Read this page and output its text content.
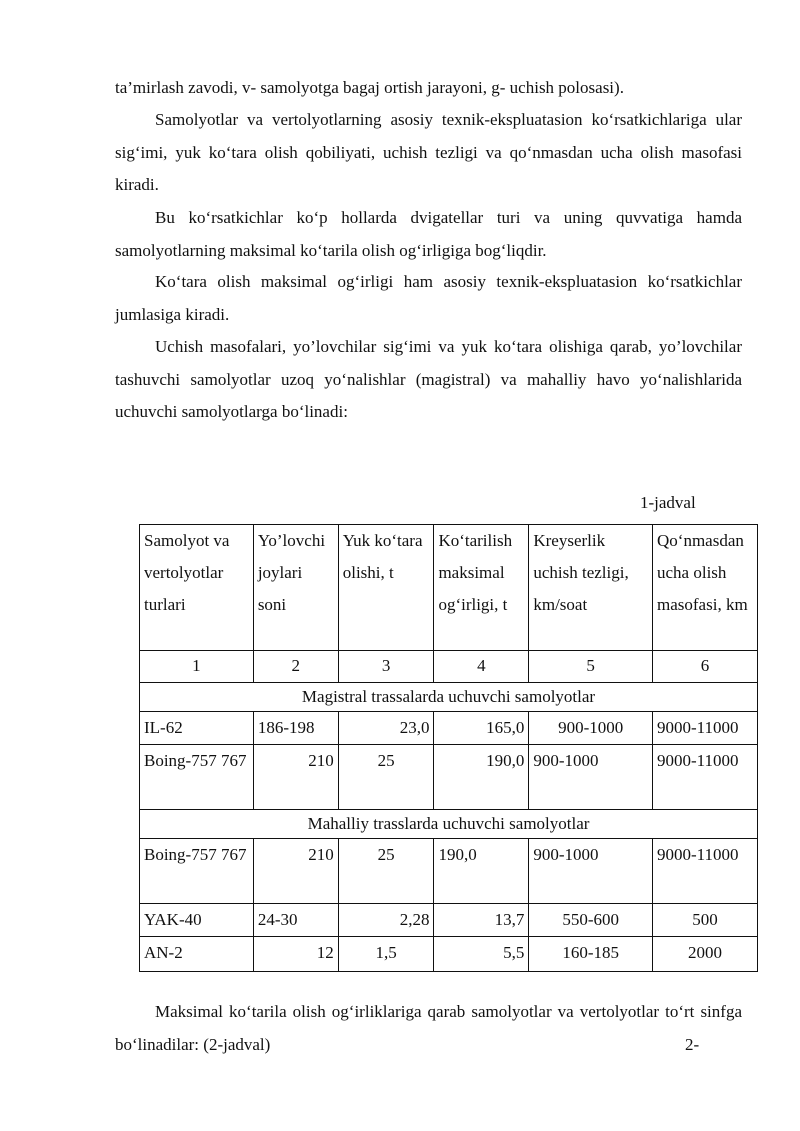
ta’mirlash zavodi, v- samolyotga bagaj ortish jarayoni, g- uchish polosasi).

Samolyotlar va vertolyotlarning asosiy texnik-ekspluatasion ko‘rsatkichlariga ular sig‘imi, yuk ko‘tara olish qobiliyati, uchish tezligi va qo‘nmasdan ucha olish masofasi kiradi.

Bu ko‘rsatkichlar ko‘p hollarda dvigatellar turi va uning quvvatiga hamda samolyotlarning maksimal ko‘tarila olish og‘irligiga bog‘liqdir.

Ko‘tara olish maksimal og‘irligi ham asosiy texnik-ekspluatasion ko‘rsatkichlar jumlasiga kiradi.

Uchish masofalari, yo’lovchilar sig‘imi va yuk ko‘tara olishiga qarab, yo’lovchilar tashuvchi samolyotlar uzoq yo‘nalishlar (magistral) va mahalliy havo yo‘nalishlarida uchuvchi samolyotlarga bo‘linadi:

1-jadval
Samolyot va vertolyotlar turlari	Yo’lovchi joylari soni	Yuk ko‘tara olishi, t	Ko‘tarilish maksimal og‘irligi, t	Kreyserlik uchish tezligi, km/soat	Qo‘nmasdan ucha olish masofasi, km
1	2	3	4	5	6
Magistral trassalarda uchuvchi samolyotlar					
IL-62	186-198	23,0	165,0	900-1000	9000-11000
Boing-757 767	210	25	190,0	900-1000	9000-11000
Mahalliy trasslarda uchuvchi samolyotlar					
Boing-757 767	210	25	190,0	900-1000	9000-11000
YAK-40	24-30	2,28	13,7	550-600	500
AN-2	12	1,5	5,5	160-185	2000

Maksimal ko‘tarila olish og‘irliklariga qarab samolyotlar va vertolyotlar to‘rt sinfga bo‘linadilar: (2-jadval)	2-
